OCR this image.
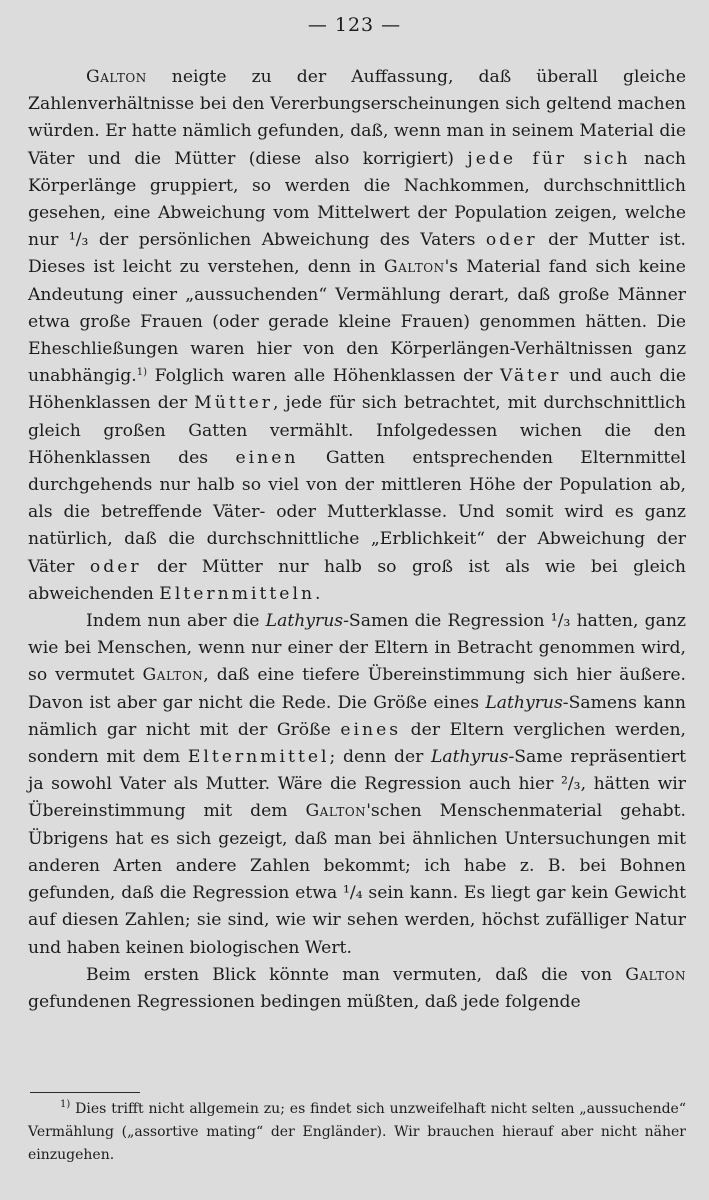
— 123 —

Galton neigte zu der Auffassung, daß überall gleiche Zahlenverhältnisse bei den Vererbungserscheinungen sich geltend machen würden. Er hatte nämlich gefunden, daß, wenn man in seinem Material die Väter und die Mütter (diese also korrigiert) jede für sich nach Körperlänge gruppiert, so werden die Nachkommen, durchschnittlich gesehen, eine Abweichung vom Mittelwert der Population zeigen, welche nur ¹/₃ der persönlichen Abweichung des Vaters oder der Mutter ist. Dieses ist leicht zu verstehen, denn in Galton's Material fand sich keine Andeutung einer „aussuchenden“ Vermählung derart, daß große Männer etwa große Frauen (oder gerade kleine Frauen) genommen hätten. Die Eheschließungen waren hier von den Körperlängen-Verhältnissen ganz unabhängig.$^{1)}$ Folglich waren alle Höhenklassen der Väter und auch die Höhenklassen der Mütter, jede für sich betrachtet, mit durchschnittlich gleich großen Gatten vermählt. Infolgedessen wichen die den Höhenklassen des einen Gatten entsprechenden Elternmittel durchgehends nur halb so viel von der mittleren Höhe der Population ab, als die betreffende Väter- oder Mutterklasse. Und somit wird es ganz natürlich, daß die durchschnittliche „Erblichkeit“ der Abweichung der Väter oder der Mütter nur halb so groß ist als wie bei gleich abweichenden Elternmitteln.

Indem nun aber die Lathyrus-Samen die Regression ¹/₃ hatten, ganz wie bei Menschen, wenn nur einer der Eltern in Betracht genommen wird, so vermutet Galton, daß eine tiefere Übereinstimmung sich hier äußere. Davon ist aber gar nicht die Rede. Die Größe eines Lathyrus-Samens kann nämlich gar nicht mit der Größe eines der Eltern verglichen werden, sondern mit dem Elternmittel; denn der Lathyrus-Same repräsentiert ja sowohl Vater als Mutter. Wäre die Regression auch hier ²/₃, hätten wir Übereinstimmung mit dem Galton'schen Menschenmaterial gehabt. Übrigens hat es sich gezeigt, daß man bei ähnlichen Untersuchungen mit anderen Arten andere Zahlen bekommt; ich habe z. B. bei Bohnen gefunden, daß die Regression etwa ¹/₄ sein kann. Es liegt gar kein Gewicht auf diesen Zahlen; sie sind, wie wir sehen werden, höchst zufälliger Natur und haben keinen biologischen Wert.

Beim ersten Blick könnte man vermuten, daß die von Galton gefundenen Regressionen bedingen müßten, daß jede folgende

$^{1)}$ Dies trifft nicht allgemein zu; es findet sich unzweifelhaft nicht selten „aussuchende“ Vermählung („assortive mating“ der Engländer). Wir brauchen hierauf aber nicht näher einzugehen.
